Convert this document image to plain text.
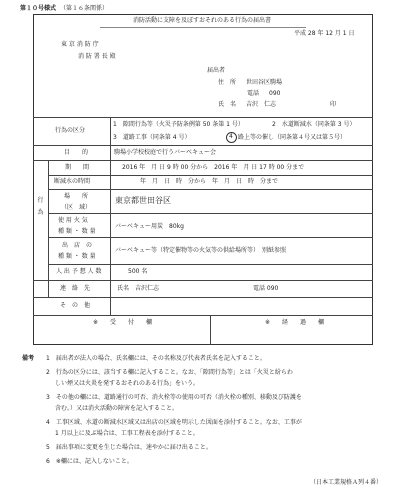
第１０号様式 （第１６条関係）
消防活動に支障を及ぼすおそれのある行為の届出書
平成 28 年 12 月 1 日
東 京 消 防 庁
消 防 署 長 殿
届出者
住　所 世田谷区駒場
電話 090
氏　名 吉沢　仁志	印
行為の区分
1　隙間行為等（火災予防条例第 50 条第 1 号）	2　水道断減水（同条第 3 号）
3　道路工事（同条第 4 号）	4 路上等の催し（同条第４号又は第５号）
目　　的	駒場小学校校庭で行うバーベキュー会
行 　 為
期　　間	2016 年　月 日 9 時 00 分から　2016 年　月 日 17 時 00 分まで
断減水の時間	年　月　日　時　分から　年　月　日　時　分まで
場　　所
（区　域）
東京都世田谷区
使 用 火 気
種 類 ・ 数 量
バーベキュー用炭　80kg
出　店　の
種 類 ・ 数 量
バーベキュー等（特定催物等の火気等の供給場所等）　別紙参照
人 出 予 想 人 数	500 名
連　絡　先	氏名　吉沢仁志	電話 090
そ　の　他
※　　受　　付　　欄	※　　経　　過　　欄
備考 1　届出者が法人の場合、氏名欄には、その名称及び代表者氏名を記入すること。
2　行為の区分には、該当する欄に記入すること。なお、「隙間行為等」とは「火災と紛らわ
しい煙又は火炎を発するおそれのある行為」をいう。
3　その他の欄には、道路通行の可否、消火栓等の使用の可否（消火栓の種別、移動及び防護を
含む。）又は消火活動の障害を記入すること。
4　工事区域、水道の断減水区域又は出店の区域を明示した図面を添付すること。なお、工事が
1 月以上に及ぶ場合は、工事工程表を添付すること。
5　届出事項に変更を生じた場合は、速やかに届け出ること。
6　※欄には、記入しないこと。
（日本工業規格Ａ列４番）
